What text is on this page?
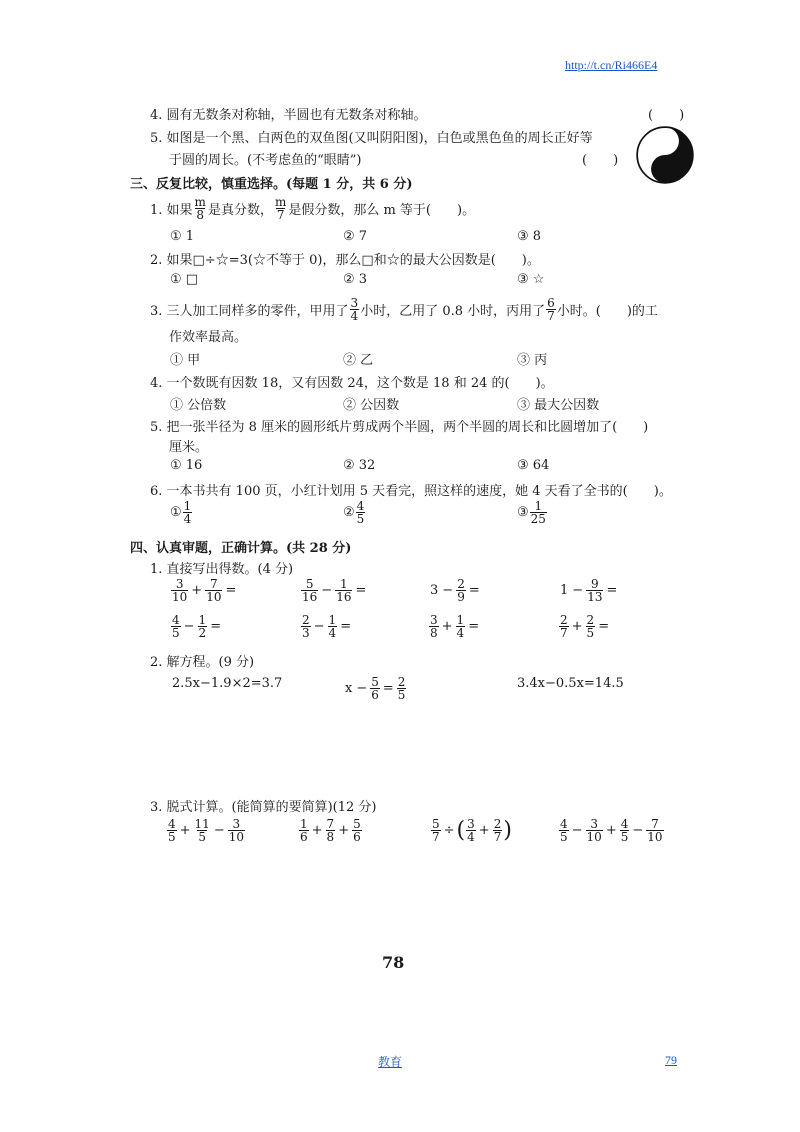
http://t.cn/Ri466E4
4. 圆有无数条对称轴，半圆也有无数条对称轴。	(　　)
5. 如图是一个黑、白两色的双鱼图(又叫阴阳图)，白色或黑色鱼的周长正好等
于圆的周长。(不考虑鱼的“眼睛”)	(　　)
三、反复比较，慎重选择。(每题 1 分，共 6 分)
1. 如果 $\frac{m}{8}$ 是真分数， $\frac{m}{7}$ 是假分数，那么 m 等于(　　)。
① 1	② 7	③ 8
2. 如果□÷☆=3(☆不等于 0)，那么□和☆的最大公因数是(　　)。
① □	② 3	③ ☆
3. 三人加工同样多的零件，甲用了 $\frac{3}{4}$ 小时，乙用了 0.8 小时，丙用了 $\frac{6}{7}$ 小时。(　　)的工
作效率最高。
① 甲	② 乙	③ 丙
4. 一个数既有因数 18，又有因数 24，这个数是 18 和 24 的(　　)。
① 公倍数	② 公因数	③ 最大公因数
5. 把一张半径为 8 厘米的圆形纸片剪成两个半圆，两个半圆的周长和比圆增加了(　　)
厘米。
① 16	② 32	③ 64
6. 一本书共有 100 页，小红计划用 5 天看完，照这样的速度，她 4 天看了全书的(　　)。
① $\frac{1}{4}$	② $\frac{4}{5}$	③ $\frac{1}{25}$
四、认真审题，正确计算。(共 28 分)
1. 直接写出得数。(4 分)
2. 解方程。(9 分)
3. 脱式计算。(能简算的要简算)(12 分)
78
教育	79
$\frac{3}{10} + \frac{7}{10}$ =	$\frac{5}{16} - \frac{1}{16}$ =	$3 - \frac{2}{9}$ =	$1 - \frac{9}{13}$ =
$\frac{4}{5} - \frac{1}{2}$ =	$\frac{2}{3} - \frac{1}{4}$ =	$\frac{3}{8} + \frac{1}{4}$ =	$\frac{2}{7} + \frac{2}{5}$ =
2.5x−1.9×2=3.7	$x - \frac{5}{6} = \frac{2}{5}$	3.4x−0.5x=14.5
$\frac{4}{5} + \frac{11}{5} - \frac{3}{10}$	$\frac{1}{6} + \frac{7}{8} + \frac{5}{6}$	$\frac{5}{7}$ ÷ ( $\frac{3}{4} + \frac{2}{7}$ )	$\frac{4}{5} - \frac{3}{10} + \frac{4}{5} - \frac{7}{10}$
